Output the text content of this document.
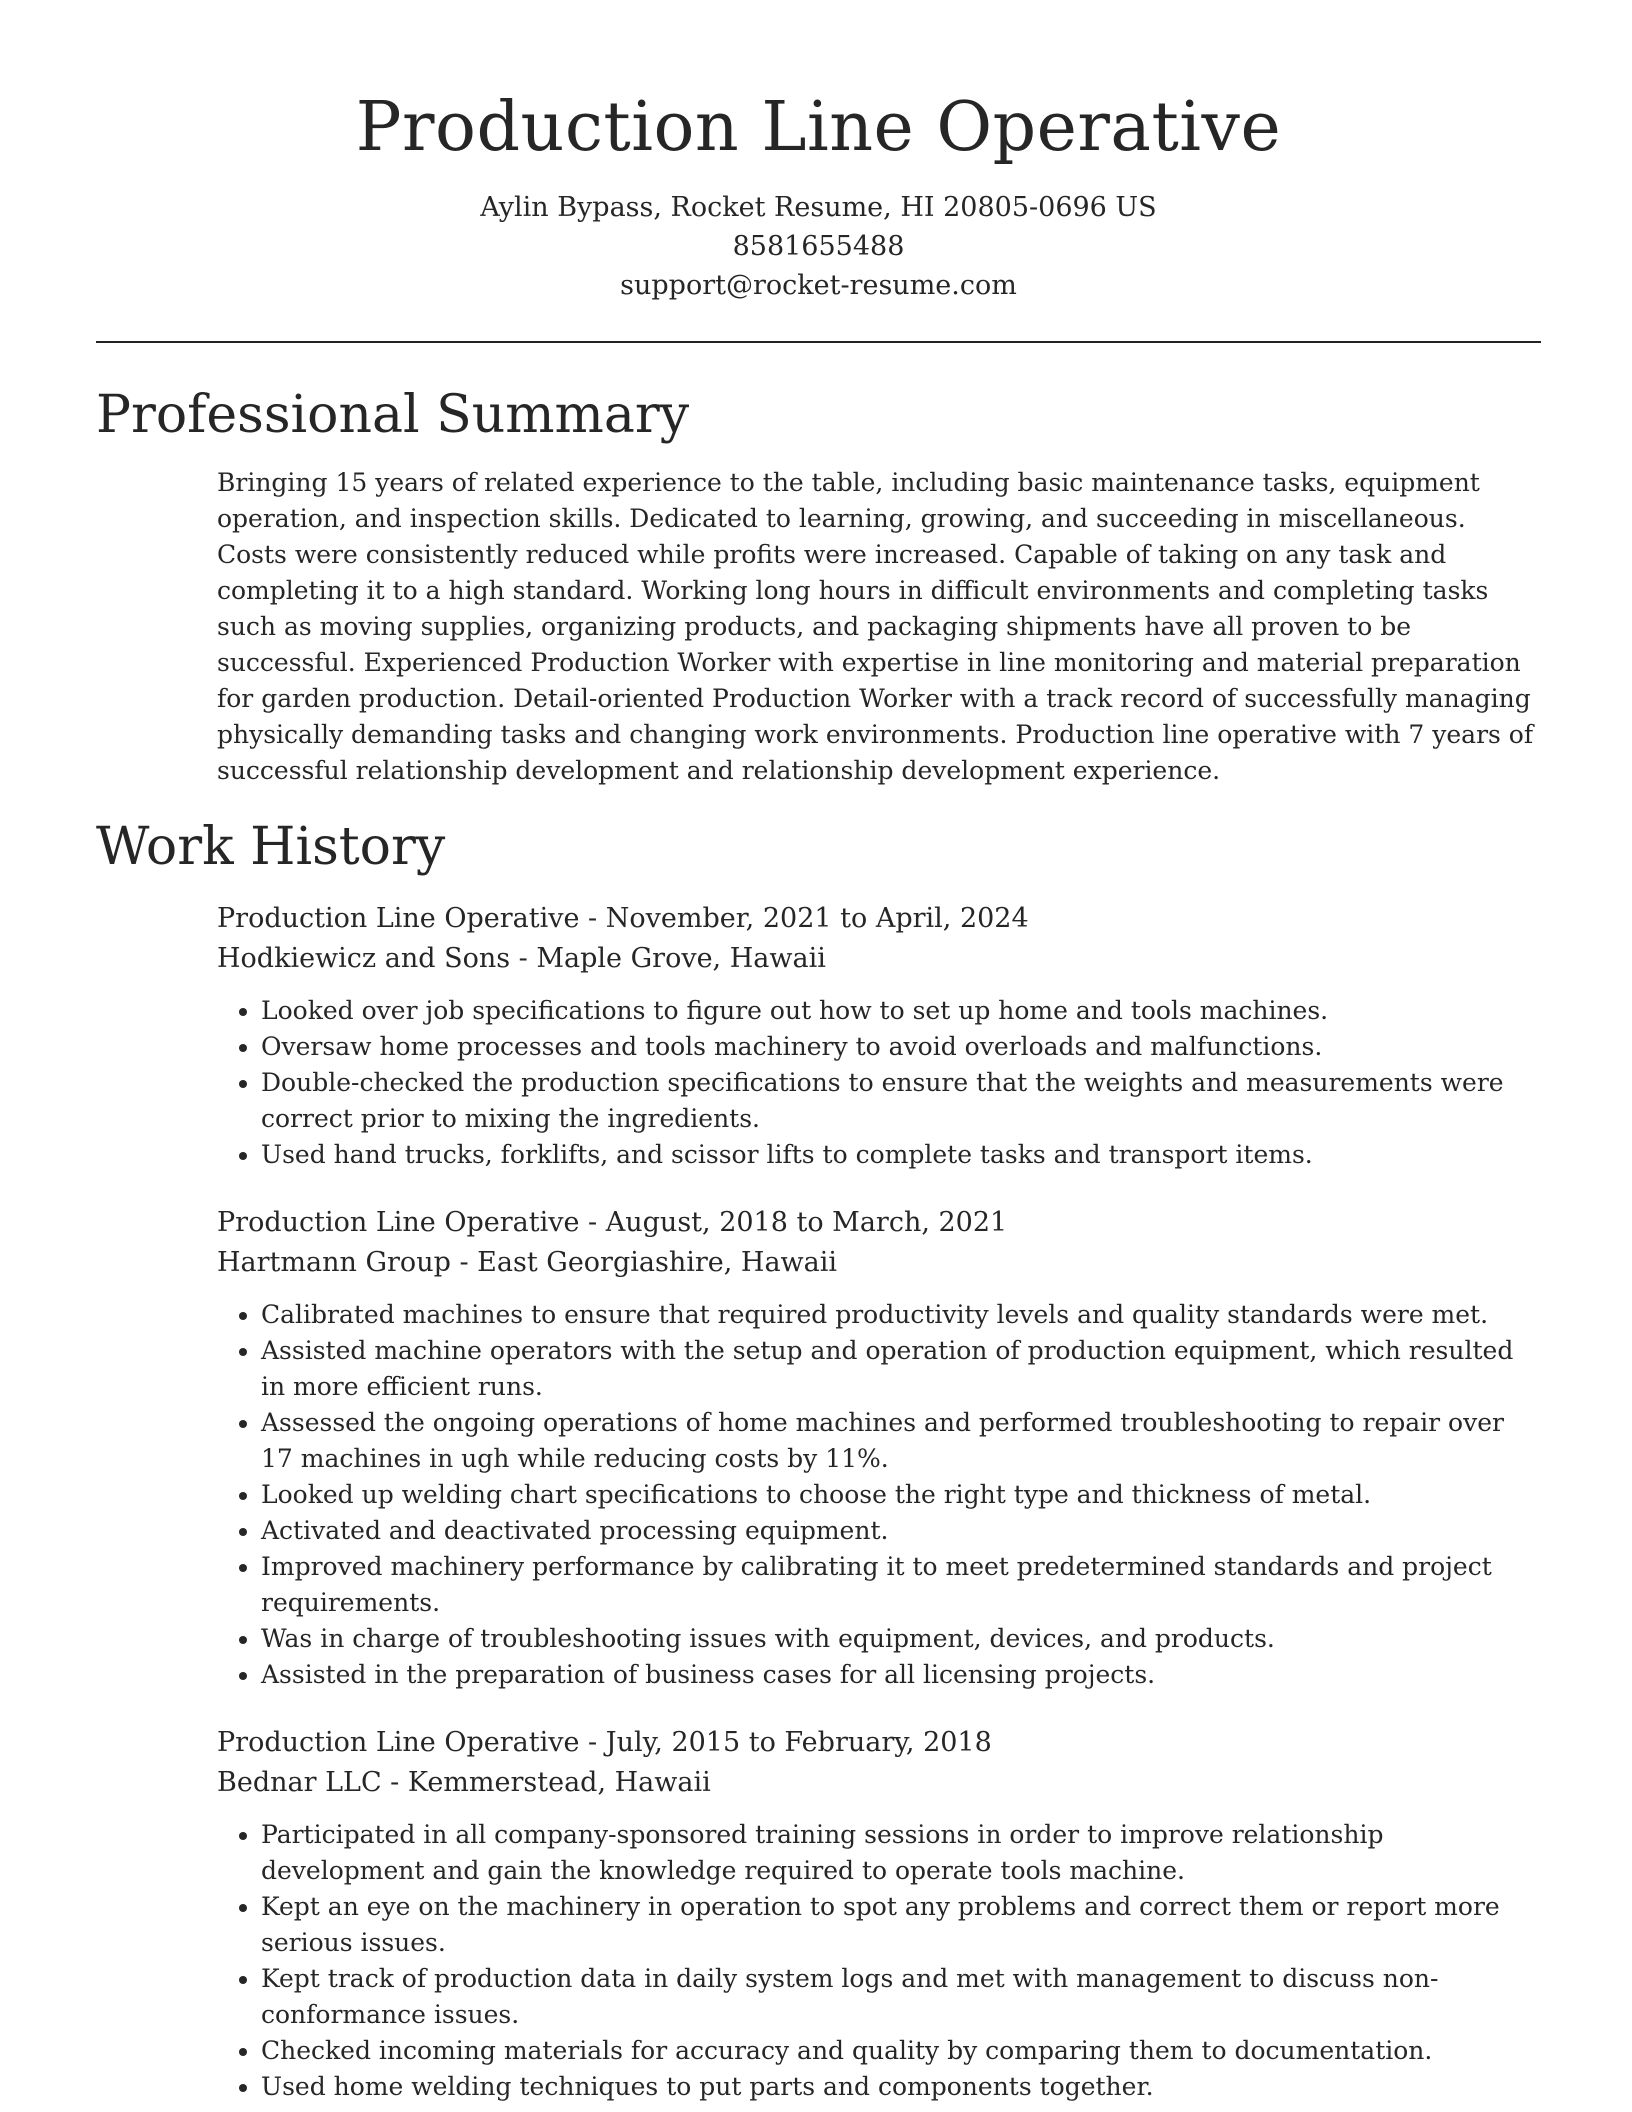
Production Line Operative
Aylin Bypass, Rocket Resume, HI 20805-0696 US
8581655488
support@rocket-resume.com
Professional Summary

Bringing 15 years of related experience to the table, including basic maintenance tasks, equipment operation, and inspection skills. Dedicated to learning, growing, and succeeding in miscellaneous. Costs were consistently reduced while profits were increased. Capable of taking on any task and completing it to a high standard. Working long hours in difficult environments and completing tasks such as moving supplies, organizing products, and packaging shipments have all proven to be successful. Experienced Production Worker with expertise in line monitoring and material preparation for garden production. Detail-oriented Production Worker with a track record of successfully managing physically demanding tasks and changing work environments. Production line operative with 7 years of successful relationship development and relationship development experience.

Work History
Production Line Operative - November, 2021 to April, 2024
Hodkiewicz and Sons - Maple Grove, Hawaii
• Looked over job specifications to figure out how to set up home and tools machines.
• Oversaw home processes and tools machinery to avoid overloads and malfunctions.
• Double-checked the production specifications to ensure that the weights and measurements were correct prior to mixing the ingredients.
• Used hand trucks, forklifts, and scissor lifts to complete tasks and transport items.
Production Line Operative - August, 2018 to March, 2021
Hartmann Group - East Georgiashire, Hawaii
• Calibrated machines to ensure that required productivity levels and quality standards were met.
• Assisted machine operators with the setup and operation of production equipment, which resulted in more efficient runs.
• Assessed the ongoing operations of home machines and performed troubleshooting to repair over 17 machines in ugh while reducing costs by 11%.
• Looked up welding chart specifications to choose the right type and thickness of metal.
• Activated and deactivated processing equipment.
• Improved machinery performance by calibrating it to meet predetermined standards and project requirements.
• Was in charge of troubleshooting issues with equipment, devices, and products.
• Assisted in the preparation of business cases for all licensing projects.
Production Line Operative - July, 2015 to February, 2018
Bednar LLC - Kemmerstead, Hawaii
• Participated in all company-sponsored training sessions in order to improve relationship development and gain the knowledge required to operate tools machine.
• Kept an eye on the machinery in operation to spot any problems and correct them or report more serious issues.
• Kept track of production data in daily system logs and met with management to discuss non-conformance issues.
• Checked incoming materials for accuracy and quality by comparing them to documentation.
• Used home welding techniques to put parts and components together.
